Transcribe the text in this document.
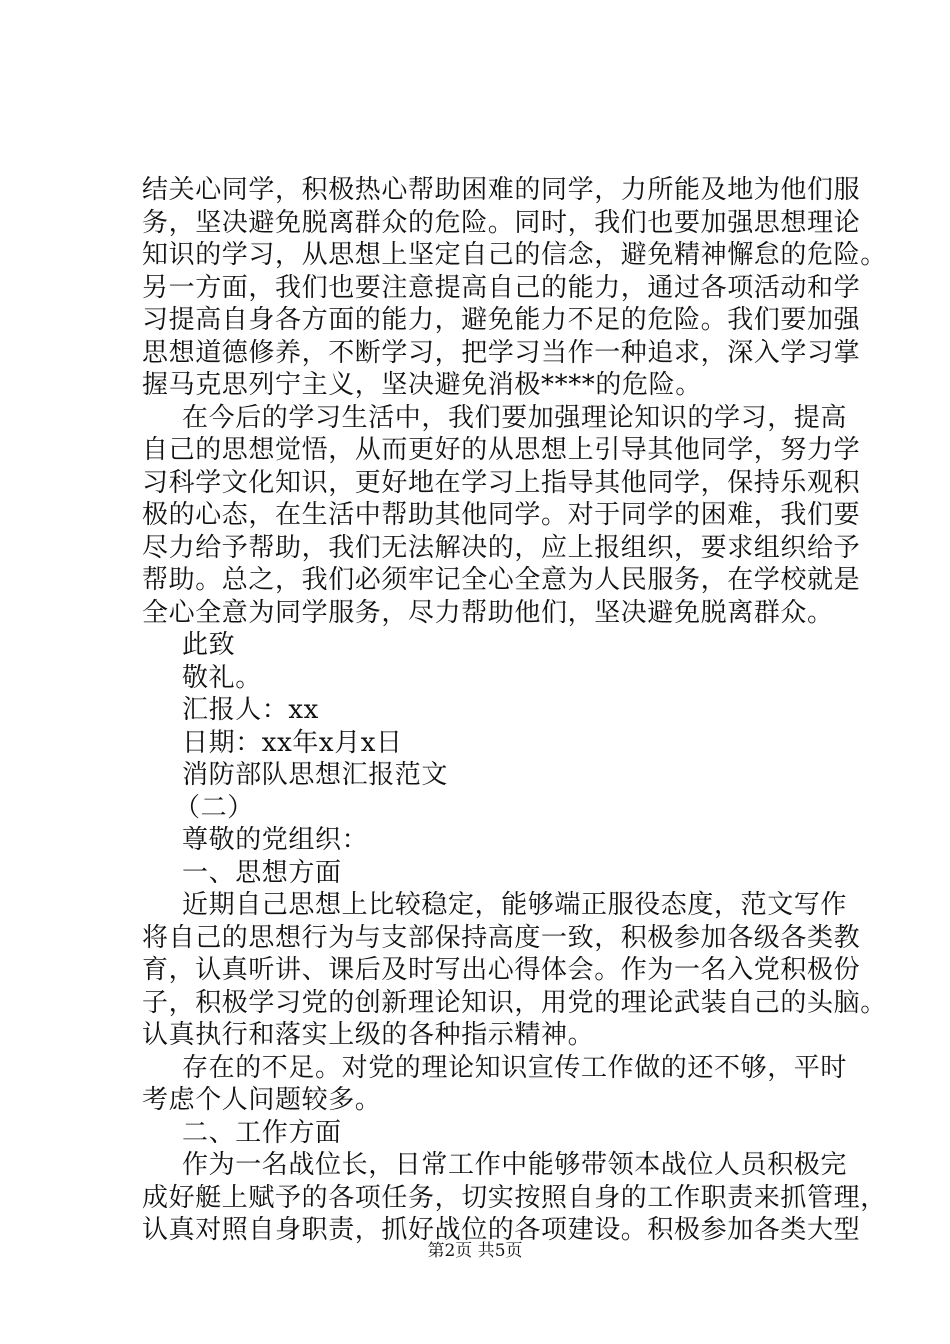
结关心同学，积极热心帮助困难的同学，力所能及地为他们服
务，坚决避免脱离群众的危险。同时，我们也要加强思想理论
知识的学习，从思想上坚定自己的信念，避免精神懈怠的危险。
另一方面，我们也要注意提高自己的能力，通过各项活动和学
习提高自身各方面的能力，避免能力不足的危险。我们要加强
思想道德修养，不断学习，把学习当作一种追求，深入学习掌
握马克思列宁主义，坚决避免消极****的危险。
在今后的学习生活中，我们要加强理论知识的学习，提高
自己的思想觉悟，从而更好的从思想上引导其他同学，努力学
习科学文化知识，更好地在学习上指导其他同学，保持乐观积
极的心态，在生活中帮助其他同学。对于同学的困难，我们要
尽力给予帮助，我们无法解决的，应上报组织，要求组织给予
帮助。总之，我们必须牢记全心全意为人民服务，在学校就是
全心全意为同学服务，尽力帮助他们，坚决避免脱离群众。
此致
敬礼。
汇报人：xx
日期：xx年x月x日
消防部队思想汇报范文
（二）
尊敬的党组织：
一、思想方面
近期自己思想上比较稳定，能够端正服役态度，范文写作
将自己的思想行为与支部保持高度一致，积极参加各级各类教
育，认真听讲、课后及时写出心得体会。作为一名入党积极份
子，积极学习党的创新理论知识，用党的理论武装自己的头脑。
认真执行和落实上级的各种指示精神。
存在的不足。对党的理论知识宣传工作做的还不够，平时
考虑个人问题较多。
二、工作方面
作为一名战位长，日常工作中能够带领本战位人员积极完
成好艇上赋予的各项任务，切实按照自身的工作职责来抓管理，
认真对照自身职责，抓好战位的各项建设。积极参加各类大型
第2页 共5页
